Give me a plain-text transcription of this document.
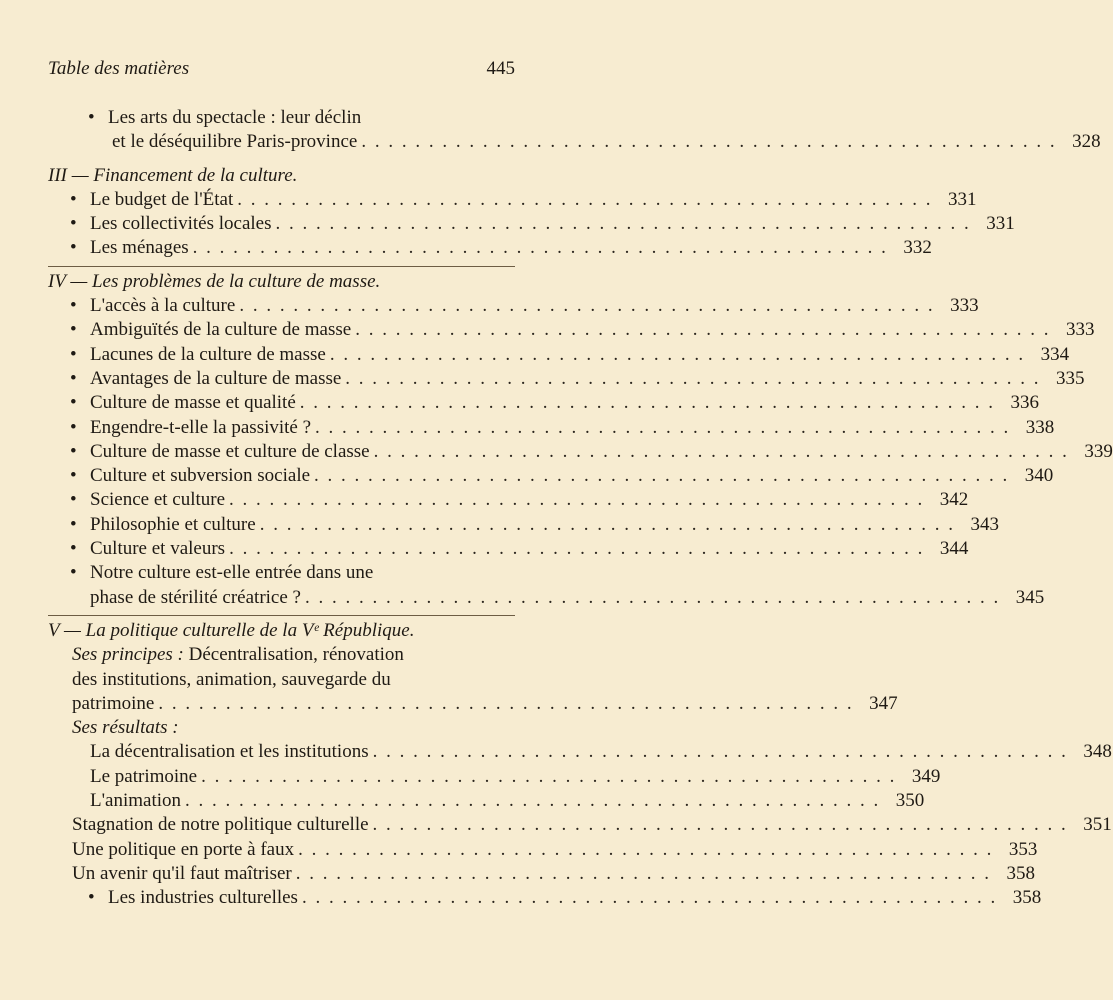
Table des matières	445
• Les arts du spectacle : leur déclin
et le déséquilibre Paris-province . . . . . . . . . . . . . . . . . . . . . . . . . . . . . . . . . . . . . . . . . . . . . . . . . . . . 328
III — Financement de la culture.
• Le budget de l'État . . . . . . . . . . . . . . . . . . . . . . . . . . . . . . . . . . . . . . . . . . . . . . . . . . . . 331
• Les collectivités locales . . . . . . . . . . . . . . . . . . . . . . . . . . . . . . . . . . . . . . . . . . . . . . . . . . . . 331
• Les ménages . . . . . . . . . . . . . . . . . . . . . . . . . . . . . . . . . . . . . . . . . . . . . . . . . . . . 332
IV — Les problèmes de la culture de masse.
• L'accès à la culture . . . . . . . . . . . . . . . . . . . . . . . . . . . . . . . . . . . . . . . . . . . . . . . . . . . . 333
• Ambiguïtés de la culture de masse . . . . . . . . . . . . . . . . . . . . . . . . . . . . . . . . . . . . . . . . . . . . . . . . . . . . 333
• Lacunes de la culture de masse . . . . . . . . . . . . . . . . . . . . . . . . . . . . . . . . . . . . . . . . . . . . . . . . . . . . 334
• Avantages de la culture de masse . . . . . . . . . . . . . . . . . . . . . . . . . . . . . . . . . . . . . . . . . . . . . . . . . . . . 335
• Culture de masse et qualité . . . . . . . . . . . . . . . . . . . . . . . . . . . . . . . . . . . . . . . . . . . . . . . . . . . . 336
• Engendre-t-elle la passivité ? . . . . . . . . . . . . . . . . . . . . . . . . . . . . . . . . . . . . . . . . . . . . . . . . . . . . 338
• Culture de masse et culture de classe . . . . . . . . . . . . . . . . . . . . . . . . . . . . . . . . . . . . . . . . . . . . . . . . . . . . 339
• Culture et subversion sociale . . . . . . . . . . . . . . . . . . . . . . . . . . . . . . . . . . . . . . . . . . . . . . . . . . . . 340
• Science et culture . . . . . . . . . . . . . . . . . . . . . . . . . . . . . . . . . . . . . . . . . . . . . . . . . . . . 342
• Philosophie et culture . . . . . . . . . . . . . . . . . . . . . . . . . . . . . . . . . . . . . . . . . . . . . . . . . . . . 343
• Culture et valeurs . . . . . . . . . . . . . . . . . . . . . . . . . . . . . . . . . . . . . . . . . . . . . . . . . . . . 344
• Notre culture est-elle entrée dans une
phase de stérilité créatrice ? . . . . . . . . . . . . . . . . . . . . . . . . . . . . . . . . . . . . . . . . . . . . . . . . . . . . 345
V — La politique culturelle de la Vᵉ République.
Ses principes : Décentralisation, rénovation
des institutions, animation, sauvegarde du
patrimoine . . . . . . . . . . . . . . . . . . . . . . . . . . . . . . . . . . . . . . . . . . . . . . . . . . . . 347
Ses résultats :
La décentralisation et les institutions . . . . . . . . . . . . . . . . . . . . . . . . . . . . . . . . . . . . . . . . . . . . . . . . . . . . 348
Le patrimoine . . . . . . . . . . . . . . . . . . . . . . . . . . . . . . . . . . . . . . . . . . . . . . . . . . . . 349
L'animation . . . . . . . . . . . . . . . . . . . . . . . . . . . . . . . . . . . . . . . . . . . . . . . . . . . . 350
Stagnation de notre politique culturelle . . . . . . . . . . . . . . . . . . . . . . . . . . . . . . . . . . . . . . . . . . . . . . . . . . . . 351
Une politique en porte à faux . . . . . . . . . . . . . . . . . . . . . . . . . . . . . . . . . . . . . . . . . . . . . . . . . . . . 353
Un avenir qu'il faut maîtriser . . . . . . . . . . . . . . . . . . . . . . . . . . . . . . . . . . . . . . . . . . . . . . . . . . . . 358
• Les industries culturelles . . . . . . . . . . . . . . . . . . . . . . . . . . . . . . . . . . . . . . . . . . . . . . . . . . . . 358
